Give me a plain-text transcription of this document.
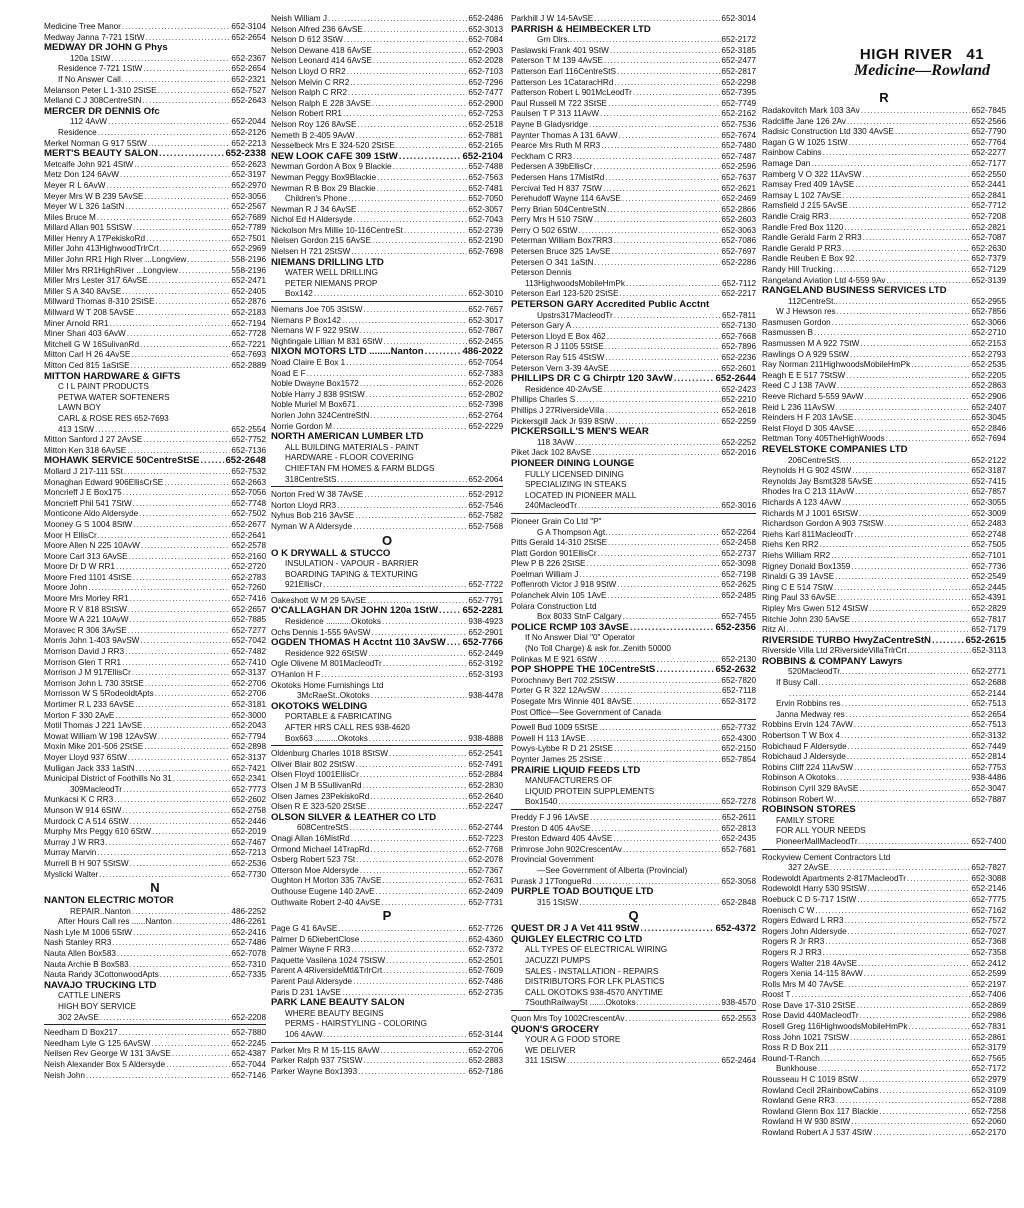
HIGH RIVER 41
Medicine—Rowland
Medicine Tree Manor .....	652-3104
Medway Janna 7-721 1StW .....	652-2654
MEDWAY DR JOHN G Phys
120a 1StW .....	652-2367
Residence 7-721 1StW .....	652-2654
If No Answer Call .....	652-2321
Melanson Peter L 1-310 2StSE .....	652-7527
Melland C J 308CentreStN .....	652-2643
MERCER DR DENNIS Ofc
112 4AvW .....	652-2044
Residence .....	652-2126
Merkel Norman G 917 5StW .....	652-2213
MERT'S BEAUTY SALON .....	652-2338
Metcalfe John 921 4StW .....	652-2623
Metz Don 124 6AvW .....	652-3197
Meyer R L 6AvW .....	652-2970
Meyer Mrs W B 239 5AvSE .....	652-3056
Meyer W L 326 1aStN .....	652-2567
Miles Bruce M .....	652-7689
Millard Allan 901 5StSW .....	652-7789
Miller Henry A 17PekiskoRd .....	652-7501
Miller John 413HighwoodTrlrCrt .....	652-2969
Miller John RR1 High River ...Longview .....	558-2196
Miller Mrs RR1HighRiver ...Longview .....	558-2196
Miller Mrs Lester 317 6AvSE .....	652-2471
Miller S A 340 8AvSE .....	652-2405
Millward Thomas 8-310 2StSE .....	652-2876
Millward W T 208 5AvSE .....	652-2183
Miner Arnold RR1 .....	652-7194
Miner Shari 403 6AvW .....	652-7728
Mitchell G W 16SulivanRd .....	652-7221
Mitton Carl H 26 4AvSE .....	652-7693
Mitton Ced 815 1aStSE .....	652-2889
MITTON HARDWARE & GIFTS
C I L PAINT PRODUCTS
PETWA WATER SOFTENERS
LAWN BOY
CARL & ROSE RES 652-7693
413 1StW .....	652-2554
Mitton Sanford J 27 2AvSE .....	652-7752
Mitton Ken 318 6AvSE .....	652-7136
MOHAWK SERVICE 50CentreStSE .....	652-2648
Mollard J 217-111 5St .....	652-7532
Monaghan Edward 906EllisCrSE .....	652-2663
Moncrieff J E Box175 .....	652-7056
Moncrieff Phil 541 7StW .....	652-7748
Monticone Aldo Aldersyde .....	652-7502
Mooney G S 1004 8StW .....	652-2677
Moor H EllisCr .....	652-2641
Moore Allen N 225 10AvW .....	652-2578
Moore Carl 313 6AvSE .....	652-2160
Moore Dr D W RR1 .....	652-2720
Moore Fred 1101 4StSE .....	652-2783
Moore John .....	652-7260
Moore Mrs Morley RR1 .....	652-7416
Moore R V 818 8StSW .....	652-2657
Moore W A 221 10AvW .....	652-7885
Moravec R 306 3AvSE .....	652-7277
Morris John 1-403 9AvSW .....	652-7042
Morrison David J RR3 .....	652-7482
Morrison Glen T RR1 .....	652-7410
Morrison J M 917EllisCr .....	652-3137
Morrison John L 730 3StSE .....	652-2706
Morrisson W S 5RodeoldtApts .....	652-2706
Mortimer R L 233 6AvSE .....	652-3181
Morton F 330 2AvE .....	652-3000
Motil Thomas J 221 1AvSE .....	652-2043
Mowat William W 198 12AvSW .....	652-7794
Moxin Mike 201-506 2StSE .....	652-2898
Moyer Lloyd 937 6StW .....	652-3137
Mulligan Jack 333 1aStN .....	652-7421
Municipal District of Foothills No 31 .....	652-2341
309MacleodTr .....	652-7773
Munkacsi K C RR3 .....	652-2602
Munson W 914 6StW .....	652-2758
Murdock C A 514 6StW .....	652-2446
Murphy Mrs Peggy 610 6StW .....	652-2019
Murray J W RR3 .....	652-7467
Murray Marvin .....	652-7213
Murrell B H 907 5StSW .....	652-2536
Myslicki Walter .....	652-7730
N
NANTON ELECTRIC MOTOR
REPAIR..Nanton .....	486-2252
After Hours Call res ......Nanton .....	486-2261
Nash Lyle M 1006 5StW .....	652-2416
Nash Stanley RR3 .....	652-7486
Nauta Allen Box583 .....	652-7078
Nauta Archie B Box583 .....	652-7310
Nauta Randy 3CottonwoodApts .....	652-7335
NAVAJO TRUCKING LTD
CATTLE LINERS
HIGH BOY SERVICE
302 2AvSE .....	652-2208
Needham D Box217 .....	652-7880
Needham Lyle G 125 6AvSW .....	652-2245
Neilsen Rev George W 131 3AvSE .....	652-4387
Neish Alexander Box 5 Aldersyde .....	652-7044
Neish John .....	652-7146
Neish William J .....	652-2486
Nelson Alfred 236 6AvSE .....	652-3013
Nelson D 612 3StW .....	652-7084
Nelson Dewane 418 6AvSE .....	652-2903
Nelson Leonard 414 6AvSE .....	652-2028
Nelson Lloyd O RR2 .....	652-7103
Nelson Melvin C RR2 .....	652-7296
Nelson Ralph C RR2 .....	652-7477
Nelson Ralph E 228 3AvSE .....	652-2900
Nelson Robert RR1 .....	652-7253
Nelson Roy 126 8AvSE .....	652-2518
Nemeth B 2-405 9AvW .....	652-7881
Nesselbeck Mrs E 324-520 2StSE .....	652-2165
NEW LOOK CAFE 309 1StW .....	652-2104
Newman Gordon A Box 9 Blackie .....	652-7488
Newman Peggy Box9Blackie .....	652-7563
Newman R B Box 29 Blackie .....	652-7481
Children's Phone .....	652-7050
Newman R J 34 6AvSE .....	652-3057
Nichol Ed H Aldersyde .....	652-7043
Nickolson Mrs Millie 10-116CentreSt .....	652-2739
Nielsen Gordon 215 6AvSE .....	652-2190
Nielsen H 721 2StSW .....	652-7698
NIEMANS DRILLING LTD
WATER WELL DRILLING
PETER NIEMANS PROP
Box142 .....	652-3010
Niemans Joe 705 3StSW .....	652-7657
Niemans P Box142 .....	652-3017
Niemans W F 922 9StW .....	652-7867
Nightingale Lillian M 831 6StW .....	652-2455
NIXON MOTORS LTD ........Nanton .....	486-2022
Noad Claire E Box 1 .....	652-7054
Noad E F .....	652-7383
Noble Dwayne Box1572 .....	652-2026
Noble Harry J 838 9StSW .....	652-2802
Noble Muriel M Box671 .....	652-7398
Norlen John 324CentreStN .....	652-2764
Norrie Gordon M .....	652-2229
NORTH AMERICAN LUMBER LTD
ALL BUILDING MATERIALS - PAINT
HARDWARE - FLOOR COVERING
CHIEFTAN FM HOMES & FARM BLDGS
318CentreStS .....	652-2064
Norton Fred W 38 7AvSE .....	652-2912
Norton Lloyd RR3 .....	652-7546
Nyhus Bob 216 3AvSE .....	652-7582
Nyman W A Aldersyde .....	652-7568
O
O K DRYWALL & STUCCO
INSULATION - VAPOUR - BARRIER
BOARDING TAPING & TEXTURING
921EllisCr .....	652-7722
Oakeshott W M 29 5AvSE .....	652-7791
O'CALLAGHAN DR JOHN 120a 1StW .....	652-2281
Residence ...........Okotoks .....	938-4923
Ochs Dennis 1-555 9AvSW .....	652-2901
OGDEN THOMAS H Acctnt 110 3AvSW ..... 652-7766
Residence 922 6StSW .....	652-2449
Ogle Olivene M 801MacleodTr .....	652-3192
O'Hanlon H F .....	652-3193
Okotoks Home Furnishings Ltd
3McRaeSt..Okotoks .....	938-4478
OKOTOKS WELDING
PORTABLE & FABRICATING
AFTER HRS CALL RES 938-4620
Box663 ..........Okotoks .....	938-4888
Oldenburg Charles 1018 8StSW .....	652-2541
Oliver Blair 802 2StSW .....	652-7491
Olsen Floyd 1001EllisCr .....	652-2884
Olsen J M B 5SullivanRd .....	652-2830
Olsen James 23PekiskoRd .....	652-2640
Olsen R E 323-520 2StSE .....	652-2247
OLSON SILVER & LEATHER CO LTD
608CentreStS .....	652-2744
Onagi Allan 16MistRd .....	652-7223
Ormond Michael 14TrapRd .....	652-7768
Osberg Robert 523 7St .....	652-2078
Otterson Moe Aldersyde .....	652-7367
Oughton H Morton 335 7AvSE .....	652-7631
Outhouse Eugene 140 2AvE .....	652-2409
Outhwaite Robert 2-40 4AvSE .....	652-7731
P
Page G 41 6AvSE .....	652-7726
Palmer D 6DiebertClose .....	652-4360
Palmer Wayne F RR3 .....	652-7372
Paquette Vasilena 1024 7StSW .....	652-2501
Parent A 4RiversideMtl&TrlrCrt .....	652-7609
Parent Paul Aldersyde .....	652-7486
Paris D 231 1AvSE .....	652-2735
PARK LANE BEAUTY SALON
WHERE BEAUTY BEGINS
PERMS - HAIRSTYLING - COLORING
106 4AvW .....	652-3144
Parker Mrs R M 15-115 8AvW .....	652-2706
Parker Ralph 937 7StSW .....	652-2883
Parker Wayne Box1393 .....	652-7186
Parkhill J W 14-5AvSE .....	652-3014
PARRISH & HEIMBECKER LTD
Grn Dlrs.. .....	652-2172
Paslawski Frank 401 9StW .....	652-3185
Paterson T M 139 4AvSE .....	652-2477
Patterson Earl 116CentreStS .....	652-2817
Patterson Les 1CataracHRd .....	652-2298
Patterson Robert L 901McLeodTr .....	652-7395
Paul Russell M 722 3StSE .....	652-7749
Paulsen T P 313 11AvW .....	652-2162
Payne B Gladysridge .....	652-7536
Paynter Thomas A 131 6AvW .....	652-7674
Pearce Mrs Ruth M RR3 .....	652-7480
Peckham C RR3 .....	652-7487
Pedersen A 39bEllisCr .....	652-2596
Pedersen Hans 17MistRd .....	652-7637
Percival Ted H 837 7StW .....	652-2621
Perehudoff Wayne 114 6AvSE .....	652-2469
Perry Brian 504CentreStN .....	652-2866
Perry Mrs H 510 7StW .....	652-2603
Perry O 502 6StW .....	652-3063
Peterman William Box7RR3 .....	652-7086
Petersen Bruce 325 1AvSE .....	652-7697
Petersen O 341 1aStN .....	652-2286
Peterson Dennis
113HighwoodsMobileHmPk .....	652-7112
Peterson Earl 123-520 2StSE .....	652-2217
PETERSON GARY Accredited Public Acctnt
Upstrs317MacleodTr .....	652-7811
Peterson Gary A .....	652-7130
Peterson Lloyd E Box 462 .....	652-7668
Peterson R J 1105 5StSE .....	652-7896
Peterson Ray 515 4StSW .....	652-2236
Peterson Vern 3-39 4AvSE .....	652-2601
PHILLIPS DR C G Chirptr 120 3AvW .....	652-2644
Residence 40-2AvSE .....	652-2423
Phillips Charles S .....	652-2210
Phillips J 27RiversideVilla .....	652-2618
Pickersgill Jack Jr 939 8StW .....	652-2259
PICKERSGILL'S MEN'S WEAR
118 3AvW .....	652-2252
Piket Jack 102 8AvSE .....	652-2016
PIONEER DINING LOUNGE
FULLY LICENSED DINING
SPECIALIZING IN STEAKS
LOCATED IN PIONEER MALL
240MacleodTr .....	652-3016
Pioneer Grain Co Ltd "P"
G A Thompson Agt. .....	652-2264
Pitts Gerald 14-310 2StSE .....	652-2458
Platt Gordon 901EllisCr .....	652-2737
Plew P B 226 2StSE .....	652-3098
Poelman William J .....	652-7198
Poffenroth Victor J 918 9StW .....	652-2625
Polanchek Alvin 105 1AvE .....	652-2485
Polara Construction Ltd
Box 8033 StnF Calgary .....	652-7455
POLICE RCMP 103 3AvSE .....	652-2356
If No Answer Dial "0" Operator
(No Toll Charge) & ask for..Zenith 50000
Polinkas M E 921 6StW .....	652-2130
POP SHOPPE THE 10CentreStS .....	652-2632
Porochnavy Bert 702 2StSW .....	652-7820
Porter G R 322 12AvSW .....	652-7118
Posegate Mrs Winnie 401 8AvSE .....	652-3172
Post Office—See Government of Canada
Powell Bud 1009 5StSE .....	652-7732
Powell H 113 1AvSE .....	652-4300
Powys-Lybbe R D 21 2StSE .....	652-2150
Poynter James 25 2StSE .....	652-7854
PRAIRIE LIQUID FEEDS LTD
MANUFACTURERS OF
LIQUID PROTEIN SUPPLEMENTS
Box1540 .....	652-7278
Preddy F J 96 1AvSE .....	652-2611
Preston D 405 4AvSE .....	652-2813
Preston Edward 405 4AvSE .....	652-2435
Primrose John 902CrescentAv .....	652-7681
Provincial Government
—See Government of Alberta (Provincial)
Purask J 17TongueRd .....	652-3058
PURPLE TOAD BOUTIQUE LTD
315 1StSW .....	652-2848
Q
QUEST DR J A Vet 411 9StW .....	652-4372
QUIGLEY ELECTRIC CO LTD
ALL TYPES OF ELECTRICAL WIRING
JACUZZI PUMPS
SALES - INSTALLATION - REPAIRS
DISTRIBUTORS FOR LFK PLASTICS
CALL OKOTOKS 938-4570 ANYTIME
7SouthRailwaySt .......Okotoks .....	938-4570
Quon Mrs Toy 1002CrescentAv .....	652-2553
QUON'S GROCERY
YOUR A G FOOD STORE
WE DELIVER
311 1StSW .....	652-2464
R
Radakovitch Mark 103 3Av .....	652-7845
Radcliffe Jane 126 2Av .....	652-2566
Radisic Construction Ltd 330 4AvSE .....	652-7790
Ragan G W 1025 1StW .....	652-7764
Rainbow Cabins .....	652-2277
Ramage Dan .....	652-7177
Ramberg V O 322 11AvSW .....	652-2550
Ramsay Fred 409 1AvSE .....	652-2441
Ramsay L 102 7AvSE .....	652-2841
Ramsfield J 215 5AvSE .....	652-7712
Randle Craig RR3 .....	652-7208
Randle Fred Box 1120 .....	652-2821
Randle Gerald Farm 2 RR3 .....	652-7087
Randle Gerald P RR3 .....	652-2630
Randle Reuben E Box 92 .....	652-7379
Randy Hill Trucking .....	652-7129
Rangeland Aviation Ltd 4-559 9Av .....	652-3139
RANGELAND BUSINESS SERVICES LTD
112CentreSt.. .....	652-2955
W J Hewson res .....	652-7856
Rasmusen Gordon .....	652-3066
Rasmussen B .....	652-2710
Rasmussen M A 922 7StW .....	652-2153
Rawlings O A 929 5StW .....	652-2793
Ray Norman 211HighwoodsMobileHmPk .....	652-2535
Reagh E E 517 7StSW .....	652-2205
Reed C J 138 7AvW .....	652-2863
Reeve Richard 5-559 9AvW .....	652-2906
Reid L 236 11AvSW .....	652-2407
Reinders H F 203 1AvSE .....	652-3045
Reist Floyd D 305 4AvSE .....	652-2846
Rettman Tony 405TheHighWoods .....	652-7694
REVELSTOKE COMPANIES LTD
206CentreStS. .....	652-2122
Reynolds H G 902 4StW .....	652-3187
Reynolds Jay Bsmt328 5AvSE .....	652-7415
Rhodes Ira C 213 11AvW .....	652-7857
Richards A 123 4AvW .....	652-3055
Richards M J 1001 6StSW .....	652-3009
Richardson Gordon A 903 7StSW .....	652-2483
Riehs Karl 811MacleodTr .....	652-2748
Riehs Ken RR2 .....	652-7505
Riehs William RR2 .....	652-7101
Rigney Donald Box1359 .....	652-7736
Rinaldi G 39 1AvSE .....	652-2549
Ring C E 514 7StW .....	652-2445
Ring Paul 33 6AvSE .....	652-4391
Ripley Mrs Gwen 512 4StSW .....	652-2829
Ritchie John 230 5AvSE .....	652-7817
Ritz Al .....	652-7179
RIVERSIDE TURBO HwyZaCentreStN .....	652-2615
Riverside Villa Ltd 2RiversideVillaTrlrCrt .....	652-3113
ROBBINS & COMPANY Lawyrs
520MacleodTr.. .....	652-2771
If Busy Call .....	652-2688
.....
652-2144
Ervin Robbins res .....	652-7513
Janna Medway res .....	652-2654
Robbins Ervin 124 7AvW .....	652-7513
Robertson T W Box 4 .....	652-3132
Robichaud F Aldersyde .....	652-7449
Robichaud J Aldersyde .....	652-2814
Robins Cliff 224 11AvSW .....	652-7753
Robinson A Okotoks .....	938-4486
Robinson Cyril 329 8AvSE .....	652-3047
Robinson Robert W .....	652-7887
ROBINSON STORES
FAMILY STORE
FOR ALL YOUR NEEDS
PioneerMallMacleodTr .....	652-7400
Rockyview Cement Contractors Ltd
327 2AvSE .....	652-7827
Rodewoldt Apartments 2-817MacleodTr .....	652-3088
Rodewoldt Harry 530 9StSW .....	652-2146
Roebuck C D 5-717 1StW .....	652-7775
Roenisch C W .....	652-7162
Rogers Edward L RR3 .....	652-7572
Rogers John Aldersyde .....	652-7027
Rogers R Jr RR3 .....	652-7368
Rogers R J RR3 .....	652-7358
Rogers Walter 218 4AvSE .....	652-2412
Rogers Xenia 14-115 8AvW .....	652-2599
Rolls Mrs M 40 7AvSE .....	652-2197
Roost T .....	652-7406
Rose Dave 17-310 2StSE .....	652-2869
Rose David 440MacleodTr .....	652-2986
Rosell Greg 116HighwoodsMobileHmPk .....	652-7831
Ross John 1021 7StSW .....	652-2861
Ross R D Box 211 .....	652-3179
Round-T-Ranch .....	652-7565
Bunkhouse .....	652-7172
Rousseau H C 1019 8StW .....	652-2979
Rowland Cecil 2RainbowCabins .....	652-3109
Rowland Gene RR3 .....	652-7288
Rowland Glenn Box 117 Blackie .....	652-7258
Rowland H W 930 8StW .....	652-2060
Rowland Robert A J 537 4StW .....	652-2170
